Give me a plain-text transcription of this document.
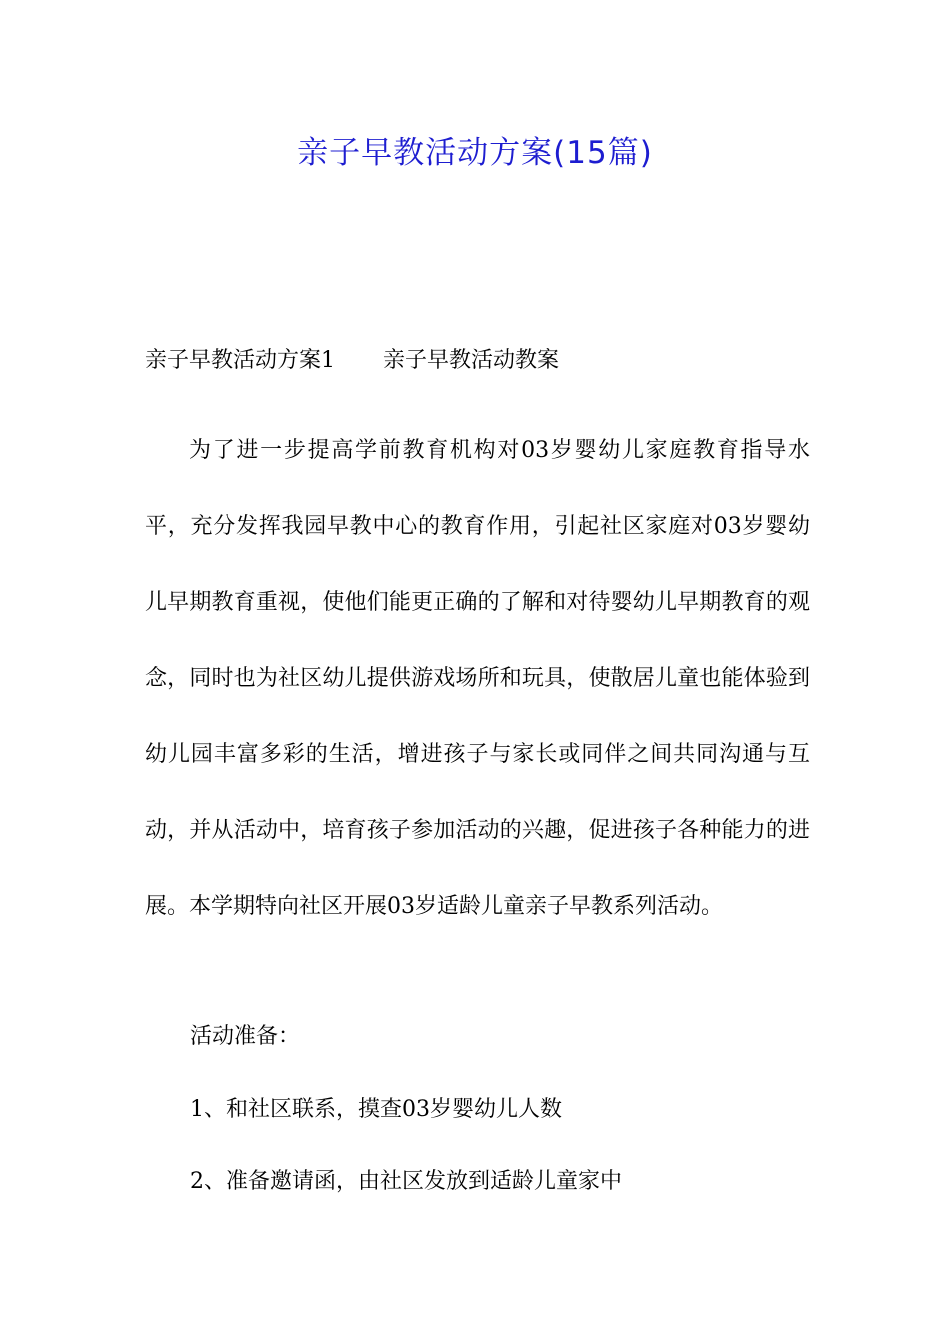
亲子早教活动方案(15篇)
亲子早教活动方案1 亲子早教活动教案

为了进一步提高学前教育机构对03岁婴幼儿家庭教育指导水平，充分发挥我园早教中心的教育作用，引起社区家庭对03岁婴幼儿早期教育重视，使他们能更正确的了解和对待婴幼儿早期教育的观念，同时也为社区幼儿提供游戏场所和玩具，使散居儿童也能体验到幼儿园丰富多彩的生活，增进孩子与家长或同伴之间共同沟通与互动，并从活动中，培育孩子参加活动的兴趣，促进孩子各种能力的进展。本学期特向社区开展03岁适龄儿童亲子早教系列活动。

活动准备：

1、和社区联系，摸查03岁婴幼儿人数

2、准备邀请函，由社区发放到适龄儿童家中
